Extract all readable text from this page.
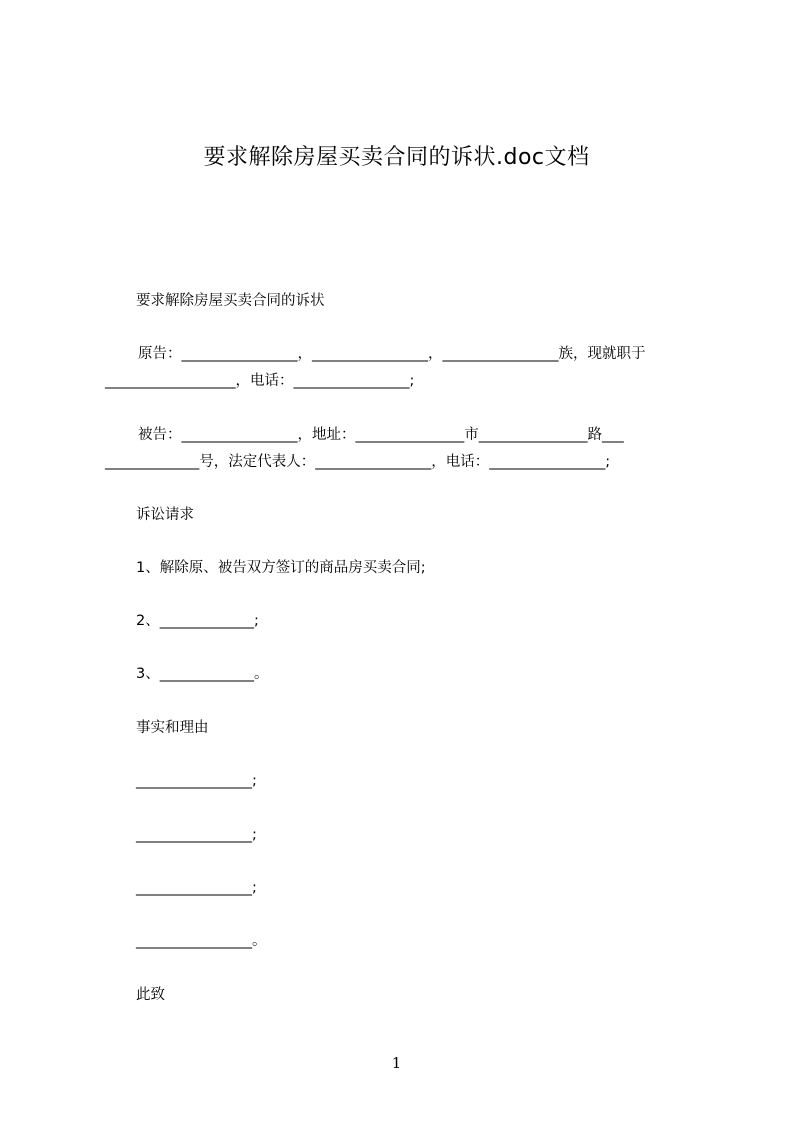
要求解除房屋买卖合同的诉状.doc文档
要求解除房屋买卖合同的诉状
原告：________________，________________，________________族，现就职于
__________________，电话：________________;
被告：________________，地址：_______________市_______________路___
_____________号，法定代表人：________________，电话：________________;
诉讼请求
1、解除原、被告双方签订的商品房买卖合同;
2、_____________;
3、_____________。
事实和理由
________________;
________________;
________________;
________________。
此致
1
